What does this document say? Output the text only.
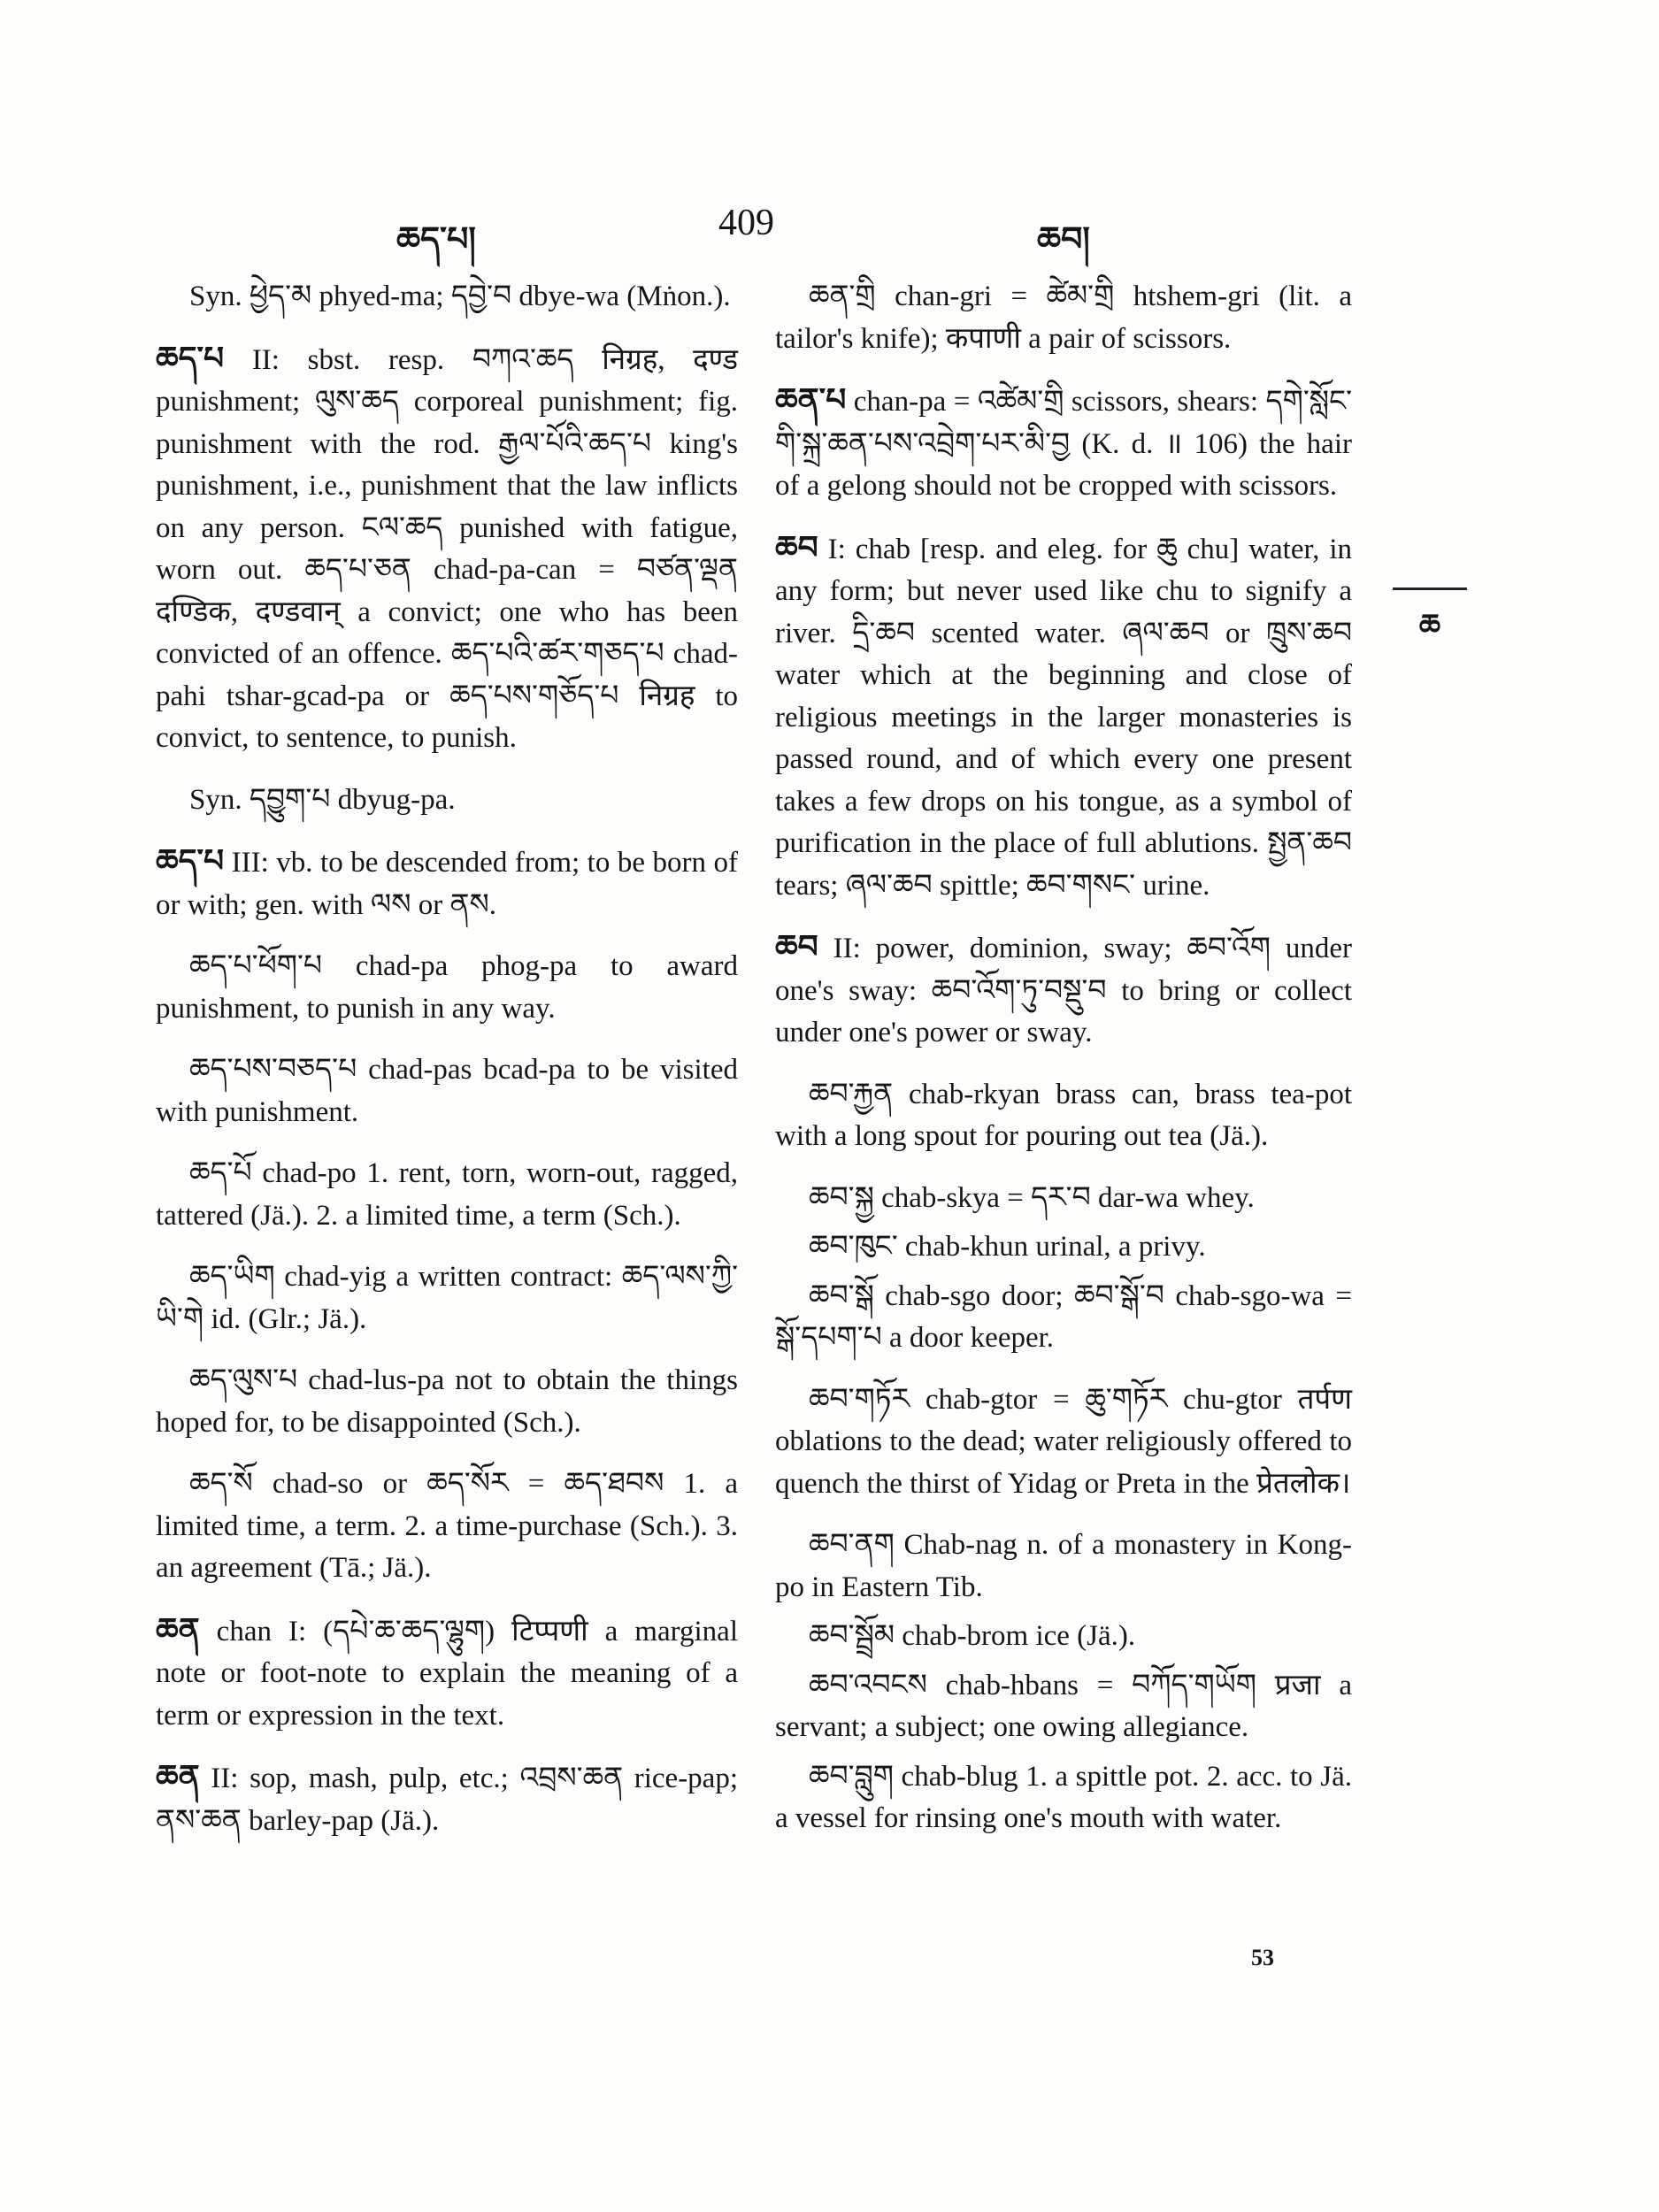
ཆད་པ།	409	ཆབ།

Syn. ཕྱེད་མ phyed-ma; དབྱེ་བ dbye-wa (Mṅon.).

ཆད་པ II: sbst. resp. བཀའ་ཆད निग्रह, दण्ड punishment; ལུས་ཆད corporeal punishment; fig. punishment with the rod. རྒྱལ་པོའི་ཆད་པ king's punishment, i.e., punishment that the law inflicts on any person. ངལ་ཆད punished with fatigue, worn out. ཆད་པ་ཅན chad-pa-can = བཙན་ལྡན दण्डिक, दण्डवान् a convict; one who has been convicted of an offence. ཆད་པའི་ཚར་གཅད་པ chad-pahi tshar-gcad-pa or ཆད་པས་གཅོད་པ निग्रह to convict, to sentence, to punish.

Syn. དབྱུག་པ dbyug-pa.

ཆད་པ III: vb. to be descended from; to be born of or with; gen. with ལས or ནས.

ཆད་པ་ཕོག་པ chad-pa phog-pa to award punishment, to punish in any way.

ཆད་པས་བཅད་པ chad-pas bcad-pa to be visited with punishment.

ཆད་པོ chad-po 1. rent, torn, worn-out, ragged, tattered (Jä.). 2. a limited time, a term (Sch.).

ཆད་ཡིག chad-yig a written contract: ཆད་ལས་ཀྱི་ཡི་གེ id. (Glr.; Jä.).

ཆད་ལུས་པ chad-lus-pa not to obtain the things hoped for, to be disappointed (Sch.).

ཆད་སོ chad-so or ཆད་སོར = ཆད་ཐབས 1. a limited time, a term. 2. a time-purchase (Sch.). 3. an agreement (Tā.; Jä.).

ཆན chan I: (དཔེ་ཆ་ཆད་ལྷུག) टिप्पणी a marginal note or foot-note to explain the meaning of a term or expression in the text.

ཆན II: sop, mash, pulp, etc.; འབྲས་ཆན rice-pap; ནས་ཆན barley-pap (Jä.).

ཆན་གྲི chan-gri = ཚེམ་གྲི htshem-gri (lit. a tailor's knife); कपाणी a pair of scissors.

ཆན་པ chan-pa = འཚེམ་གྲི scissors, shears: དགེ་སློང་གི་སྐྲ་ཆན་པས་འབྲེག་པར་མི་བྱ (K. d. ॥ 106) the hair of a gelong should not be cropped with scissors.

ཆབ I: chab [resp. and eleg. for ཆུ chu] water, in any form; but never used like chu to signify a river. དྲི་ཆབ scented water. ཞལ་ཆབ or ཁྲུས་ཆབ water which at the beginning and close of religious meetings in the larger monasteries is passed round, and of which every one present takes a few drops on his tongue, as a symbol of purification in the place of full ablutions. སྤྱན་ཆབ tears; ཞལ་ཆབ spittle; ཆབ་གསང་ urine.

ཆབ II: power, dominion, sway; ཆབ་འོག under one's sway: ཆབ་འོག་ཏུ་བསྡུ་བ to bring or collect under one's power or sway.

ཆབ་རྐྱན chab-rkyan brass can, brass tea-pot with a long spout for pouring out tea (Jä.).

ཆབ་སྐྱ chab-skya = དར་བ dar-wa whey.

ཆབ་ཁུང་ chab-khun urinal, a privy.

ཆབ་སྒོ chab-sgo door; ཆབ་སྒོ་བ chab-sgo-wa = སྒོ་དཔག་པ a door keeper.

ཆབ་གཏོར chab-gtor = ཆུ་གཏོར chu-gtor तर्पण oblations to the dead; water religiously offered to quench the thirst of Yidag or Preta in the प्रेतलोक।

ཆབ་ནག Chab-nag n. of a monastery in Kong-po in Eastern Tib.

ཆབ་སྦྲོམ chab-brom ice (Jä.).

ཆབ་འབངས chab-hbans = བཀོད་གཡོག प्रजा a servant; a subject; one owing allegiance.

ཆབ་བླུག chab-blug 1. a spittle pot. 2. acc. to Jä. a vessel for rinsing one's mouth with water.

ཆ
53
